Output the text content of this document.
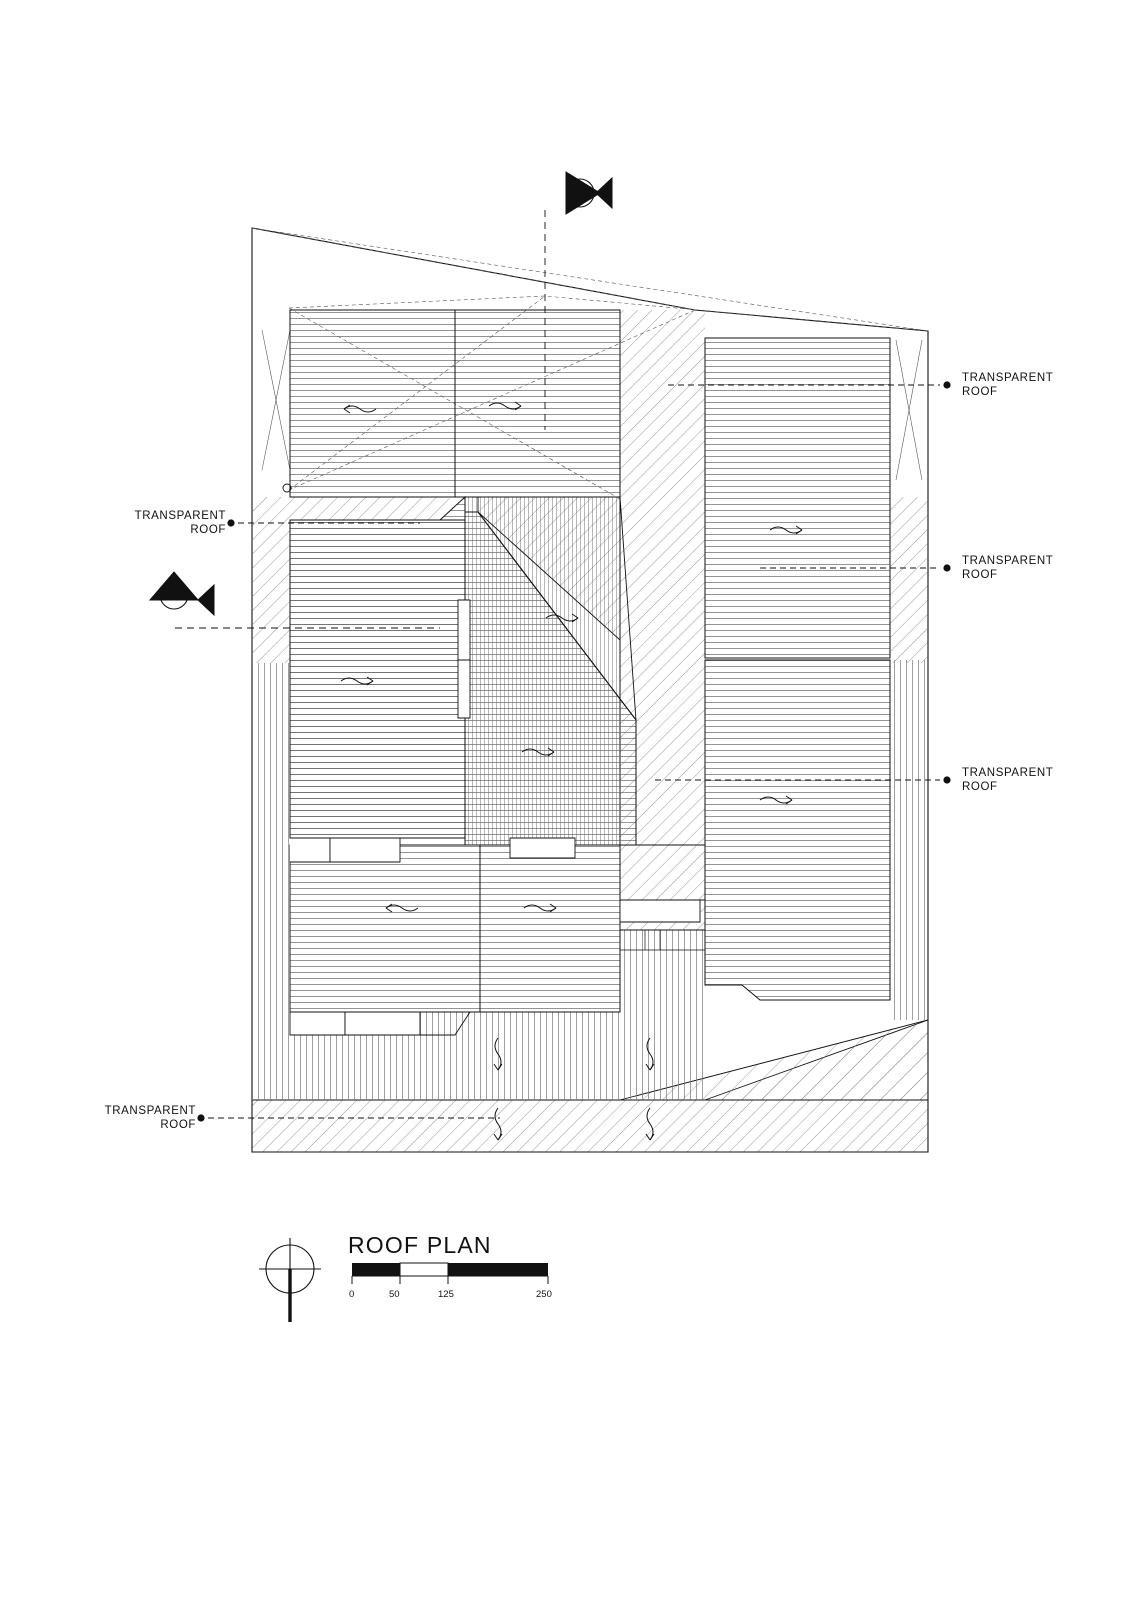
A
B
TRANSPARENT
ROOF
TRANSPARENT
ROOF
TRANSPARENT
ROOF
TRANSPARENT
ROOF
TRANSPARENT
ROOF
ROOF PLAN
0	50	125	250
